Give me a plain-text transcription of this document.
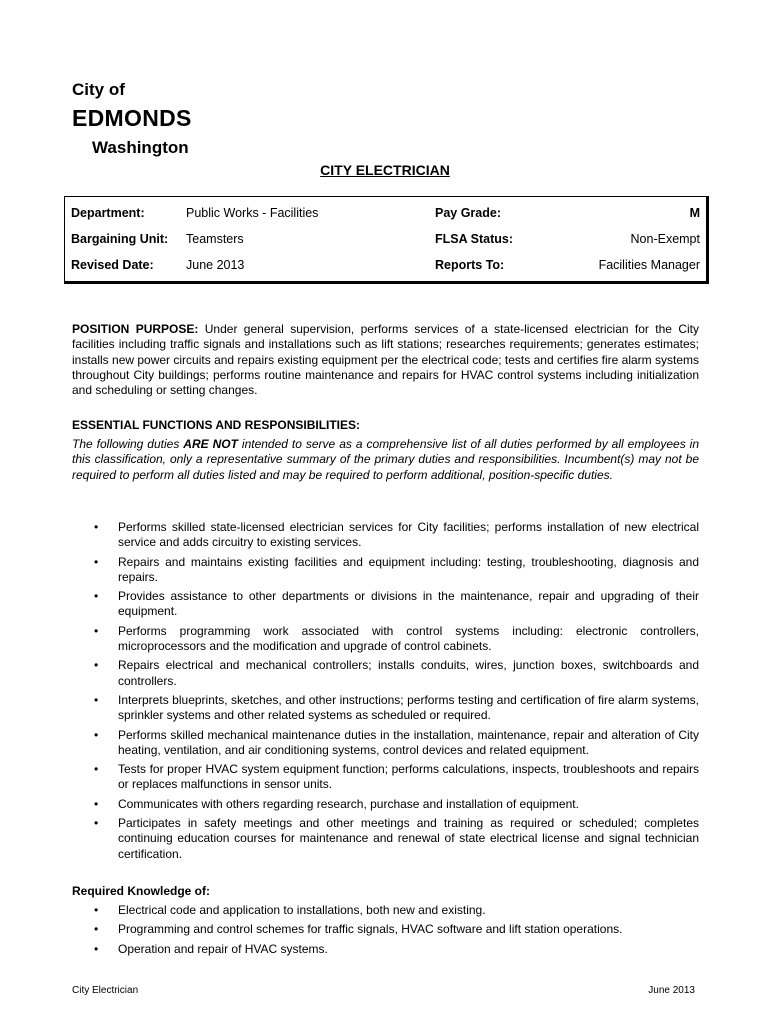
City of
EDMONDS
Washington
CITY ELECTRICIAN
Department:	Public Works - Facilities	Pay Grade:	M
Bargaining Unit: Teamsters	FLSA Status:	Non-Exempt
Revised Date:	June 2013	Reports To:	Facilities Manager

POSITION PURPOSE: Under general supervision, performs services of a state-licensed electrician for the City facilities including traffic signals and installations such as lift stations; researches requirements; generates estimates; installs new power circuits and repairs existing equipment per the electrical code; tests and certifies fire alarm systems throughout City buildings; performs routine maintenance and repairs for HVAC control systems including initialization and scheduling or setting changes.

ESSENTIAL FUNCTIONS AND RESPONSIBILITIES:

The following duties ARE NOT intended to serve as a comprehensive list of all duties performed by all employees in this classification, only a representative summary of the primary duties and responsibilities. Incumbent(s) may not be required to perform all duties listed and may be required to perform additional, position-specific duties.

• Performs skilled state-licensed electrician services for City facilities; performs installation of new electrical service and adds circuitry to existing services.
• Repairs and maintains existing facilities and equipment including: testing, troubleshooting, diagnosis and repairs.
• Provides assistance to other departments or divisions in the maintenance, repair and upgrading of their equipment.
• Performs programming work associated with control systems including: electronic controllers, microprocessors and the modification and upgrade of control cabinets.
• Repairs electrical and mechanical controllers; installs conduits, wires, junction boxes, switchboards and controllers.
• Interprets blueprints, sketches, and other instructions; performs testing and certification of fire alarm systems, sprinkler systems and other related systems as scheduled or required.
• Performs skilled mechanical maintenance duties in the installation, maintenance, repair and alteration of City heating, ventilation, and air conditioning systems, control devices and related equipment.
• Tests for proper HVAC system equipment function; performs calculations, inspects, troubleshoots and repairs or replaces malfunctions in sensor units.
• Communicates with others regarding research, purchase and installation of equipment.
• Participates in safety meetings and other meetings and training as required or scheduled; completes continuing education courses for maintenance and renewal of state electrical license and signal technician certification.
Required Knowledge of:
• Electrical code and application to installations, both new and existing.
• Programming and control schemes for traffic signals, HVAC software and lift station operations.
• Operation and repair of HVAC systems.
City Electrician	June 2013
